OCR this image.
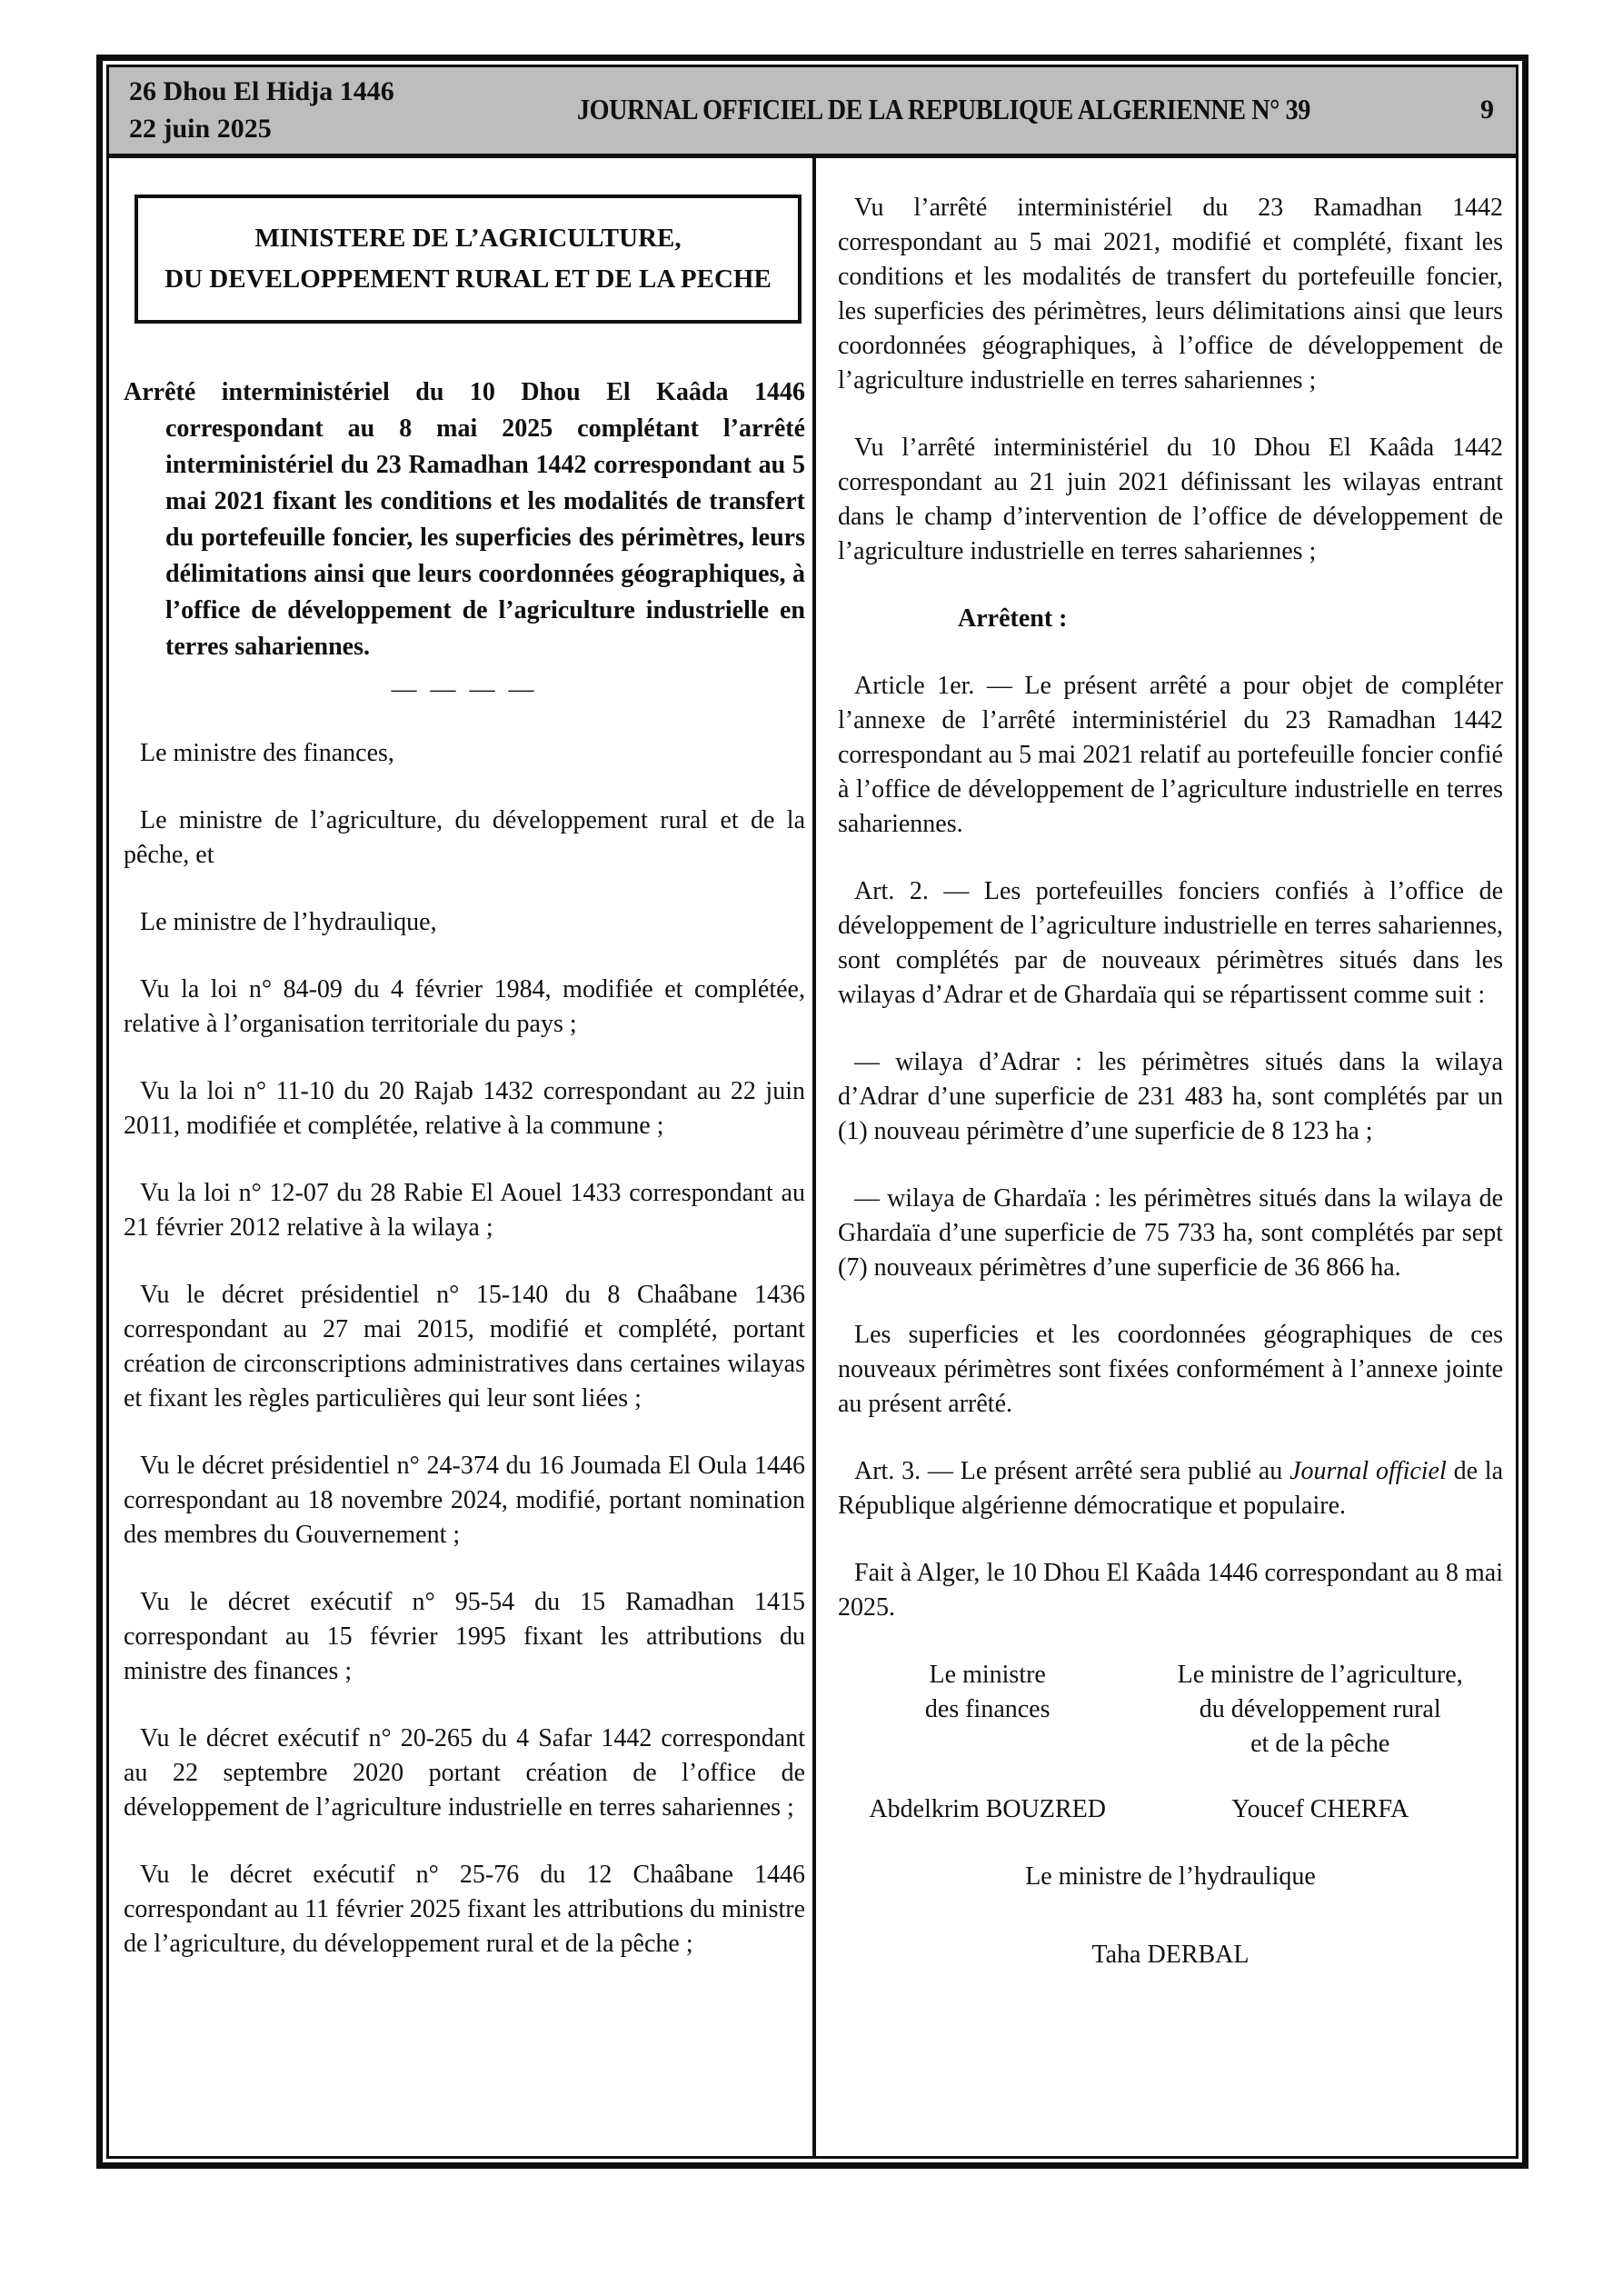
26 Dhou El Hidja 1446
22 juin 2025
JOURNAL OFFICIEL DE LA REPUBLIQUE ALGERIENNE N° 39	9
MINISTERE DE L’AGRICULTURE,
DU DEVELOPPEMENT RURAL ET DE LA PECHE

Arrêté interministériel du 10 Dhou El Kaâda 1446 correspondant au 8 mai 2025 complétant l’arrêté interministériel du 23 Ramadhan 1442 correspondant au 5 mai 2021 fixant les conditions et les modalités de transfert du portefeuille foncier, les superficies des périmètres, leurs délimitations ainsi que leurs coordonnées géographiques, à l’office de développement de l’agriculture industrielle en terres sahariennes.

— — — —

Le ministre des finances,

Le ministre de l’agriculture, du développement rural et de la pêche, et

Le ministre de l’hydraulique,

Vu la loi n° 84-09 du 4 février 1984, modifiée et complétée, relative à l’organisation territoriale du pays ;

Vu la loi n° 11-10 du 20 Rajab 1432 correspondant au 22 juin 2011, modifiée et complétée, relative à la commune ;

Vu la loi n° 12-07 du 28 Rabie El Aouel 1433 correspondant au 21 février 2012 relative à la wilaya ;

Vu le décret présidentiel n° 15-140 du 8 Chaâbane 1436 correspondant au 27 mai 2015, modifié et complété, portant création de circonscriptions administratives dans certaines wilayas et fixant les règles particulières qui leur sont liées ;

Vu le décret présidentiel n° 24-374 du 16 Joumada El Oula 1446 correspondant au 18 novembre 2024, modifié, portant nomination des membres du Gouvernement ;

Vu le décret exécutif n° 95-54 du 15 Ramadhan 1415 correspondant au 15 février 1995 fixant les attributions du ministre des finances ;

Vu le décret exécutif n° 20-265 du 4 Safar 1442 correspondant au 22 septembre 2020 portant création de l’office de développement de l’agriculture industrielle en terres sahariennes ;

Vu le décret exécutif n° 25-76 du 12 Chaâbane 1446 correspondant au 11 février 2025 fixant les attributions du ministre de l’agriculture, du développement rural et de la pêche ;

Vu l’arrêté interministériel du 23 Ramadhan 1442 correspondant au 5 mai 2021, modifié et complété, fixant les conditions et les modalités de transfert du portefeuille foncier, les superficies des périmètres, leurs délimitations ainsi que leurs coordonnées géographiques, à l’office de développement de l’agriculture industrielle en terres sahariennes ;

Vu l’arrêté interministériel du 10 Dhou El Kaâda 1442 correspondant au 21 juin 2021 définissant les wilayas entrant dans le champ d’intervention de l’office de développement de l’agriculture industrielle en terres sahariennes ;

Arrêtent :

Article 1er. — Le présent arrêté a pour objet de compléter l’annexe de l’arrêté interministériel du 23 Ramadhan 1442 correspondant au 5 mai 2021 relatif au portefeuille foncier confié à l’office de développement de l’agriculture industrielle en terres sahariennes.

Art. 2. — Les portefeuilles fonciers confiés à l’office de développement de l’agriculture industrielle en terres sahariennes, sont complétés par de nouveaux périmètres situés dans les wilayas d’Adrar et de Ghardaïa qui se répartissent comme suit :

— wilaya d’Adrar : les périmètres situés dans la wilaya d’Adrar d’une superficie de 231 483 ha, sont complétés par un (1) nouveau périmètre d’une superficie de 8 123 ha ;

— wilaya de Ghardaïa : les périmètres situés dans la wilaya de Ghardaïa d’une superficie de 75 733 ha, sont complétés par sept (7) nouveaux périmètres d’une superficie de 36 866 ha.

Les superficies et les coordonnées géographiques de ces nouveaux périmètres sont fixées conformément à l’annexe jointe au présent arrêté.

Art. 3. — Le présent arrêté sera publié au Journal officiel de la République algérienne démocratique et populaire.

Fait à Alger, le 10 Dhou El Kaâda 1446 correspondant au 8 mai 2025.

Le ministre
des finances
Le ministre de l’agriculture,
du développement rural
et de la pêche
Abdelkrim BOUZRED	Youcef CHERFA

Le ministre de l’hydraulique

Taha DERBAL
